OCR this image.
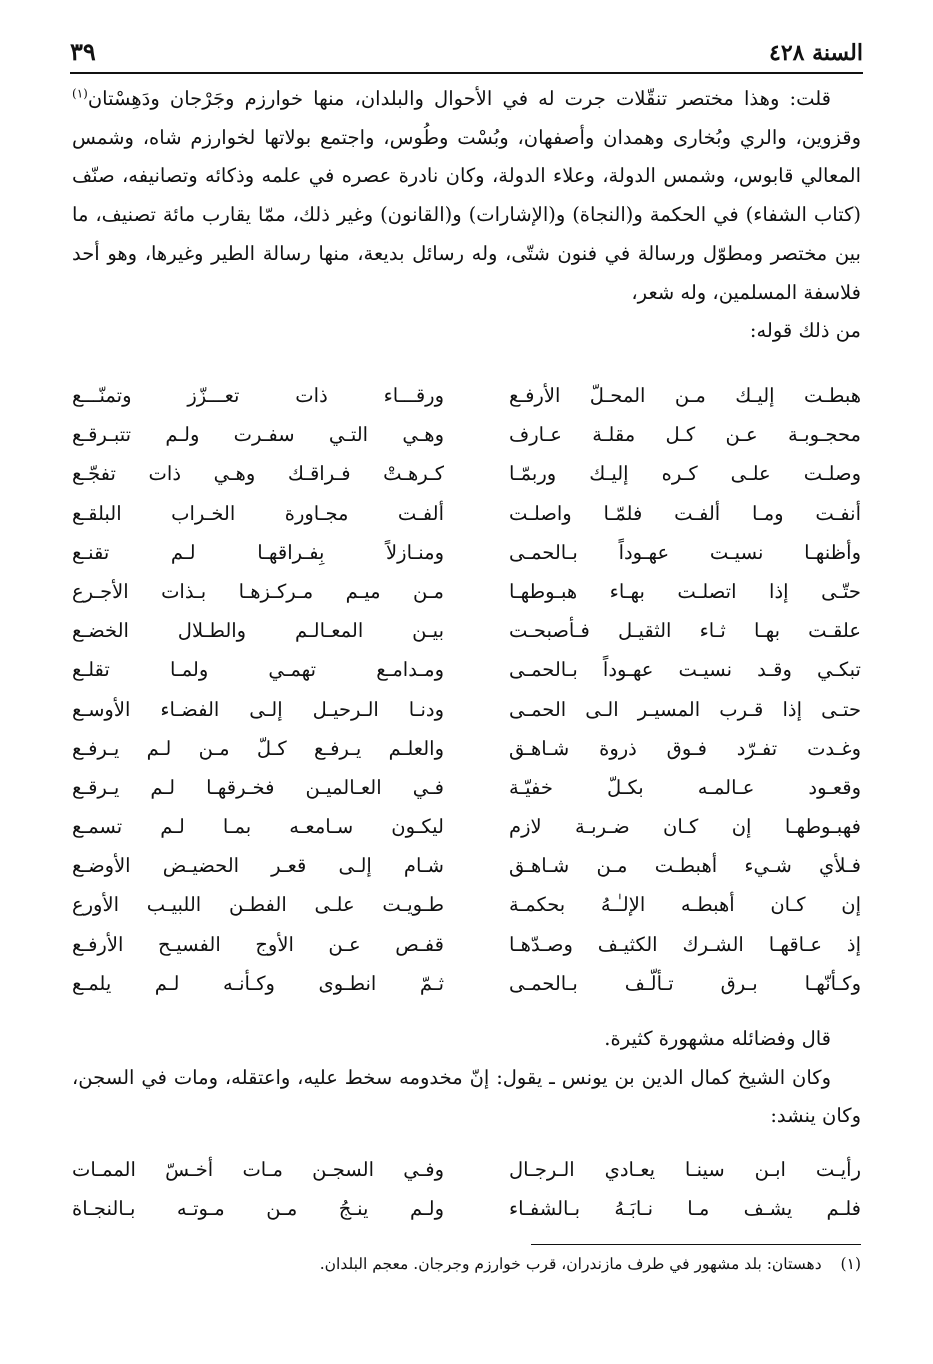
السنة ٤٢٨
٣٩

قلت: وهذا مختصر تنقّلات جرت له في الأحوال والبلدان، منها خوارزم وجَرْجان ودَهِسْتان$^{(١)}$ وقزوين، والري وبُخارى وهمدان وأصفهان، وبُسْت وطُوس، واجتمع بولاتها لخوارزم شاه، وشمس المعالي قابوس، وشمس الدولة، وعلاء الدولة، وكان نادرة عصره في علمه وذكائه وتصانيفه، صنّف (كتاب الشفاء) في الحكمة و(النجاة) و(الإشارات) و(القانون) وغير ذلك، ممّا يقارب مائة تصنيف، ما بين مختصر ومطوّل ورسالة في فنون شتّى، وله رسائل بديعة، منها رسالة الطير وغيرها، وهو أحد فلاسفة المسلمين، وله شعر،

من ذلك قوله:

هبطـت إليـك مـن المحـلّ الأرفـع
ورقـــاء ذات تعـــزّز وتمنّـــع
محجـوبـة عـن كـل مقلـة عـارف
وهـي التـي سفـرت ولـم تتبـرقـع
وصلـت علـى كـره إليـك وربمّـا
كـرهـتْ فـراقـك وهـي ذات تفجّـع
أنفـت ومـا ألفـت فلمّـا واصلـت
ألفـت مجـاورة الخـراب البلقـع
وأظنهـا نسيـت عهـوداً بـالحمـى
ومنـازلاً بِفـراقهـا لـم تقنـع
حتّـى إذا اتصلـت بهـاء هبـوطهـا
مـن ميـم مـركـزهـا بـذات الأجـرع
علقـت بهـا ثـاء الثقيـل فـأصبحـت
بيـن المعـالـم والطـلال الخضـع
تبكـي وقـد نسيـت عهـوداً بـالحمـى
ومـدامـع تهمـي ولمـا تقلـع
حتـى إذا قـرب المسيـر الـى الحمـى
ودنـا الـرحيـل إلـى الفضـاء الأوسـع
وغـدت تفـرّد فـوق ذروة شـاهـق
والعلـم يـرفـع كـلّ مـن لـم يـرفـع
وقعـود عـالمـه بكـلّ خفيّـة
فـي العـالميـن فخـرقهـا لـم يـرقـع
فهبـوطهـا إن كـان ضـربـة لازم
ليكـون سـامعـه بمـا لـم تسمـع
فـلأي شـيء أهبطـت مـن شـاهـق
شـام إلـى قعـر الحضيـض الأوضـع
إن كـان أهبطـه الإلـٰـهُ بحكمـة
طـويـت علـى الفطـن اللبيـب الأورع
إذ عـاقهـا الشـرك الكثيـف وصـدّهـا
قفـص عـن الأوج الفسيـح الأرفـع
وكـأنّهـا بـرق تـألّـف بـالحمـى
ثـمّ انطـوى وكـأنـه لـم يلمـع

قال وفضائله مشهورة كثيرة.

وكان الشيخ كمال الدين بن يونس ـ يقول: إنّ مخدومه سخط عليه، واعتقله، ومات في السجن، وكان ينشد:

رأيـت ابـن سينـا يعـادي الـرجـال
وفـي السجـن مـات أخـسّ الممـات
فلـم يشـف مـا نـابَـهُ بـالشفـاء
ولـم ينـجُ مـن مـوتـه بـالنجـاة
(١) دهستان: بلد مشهور في طرف مازندران، قرب خوارزم وجرجان. معجم البلدان.
